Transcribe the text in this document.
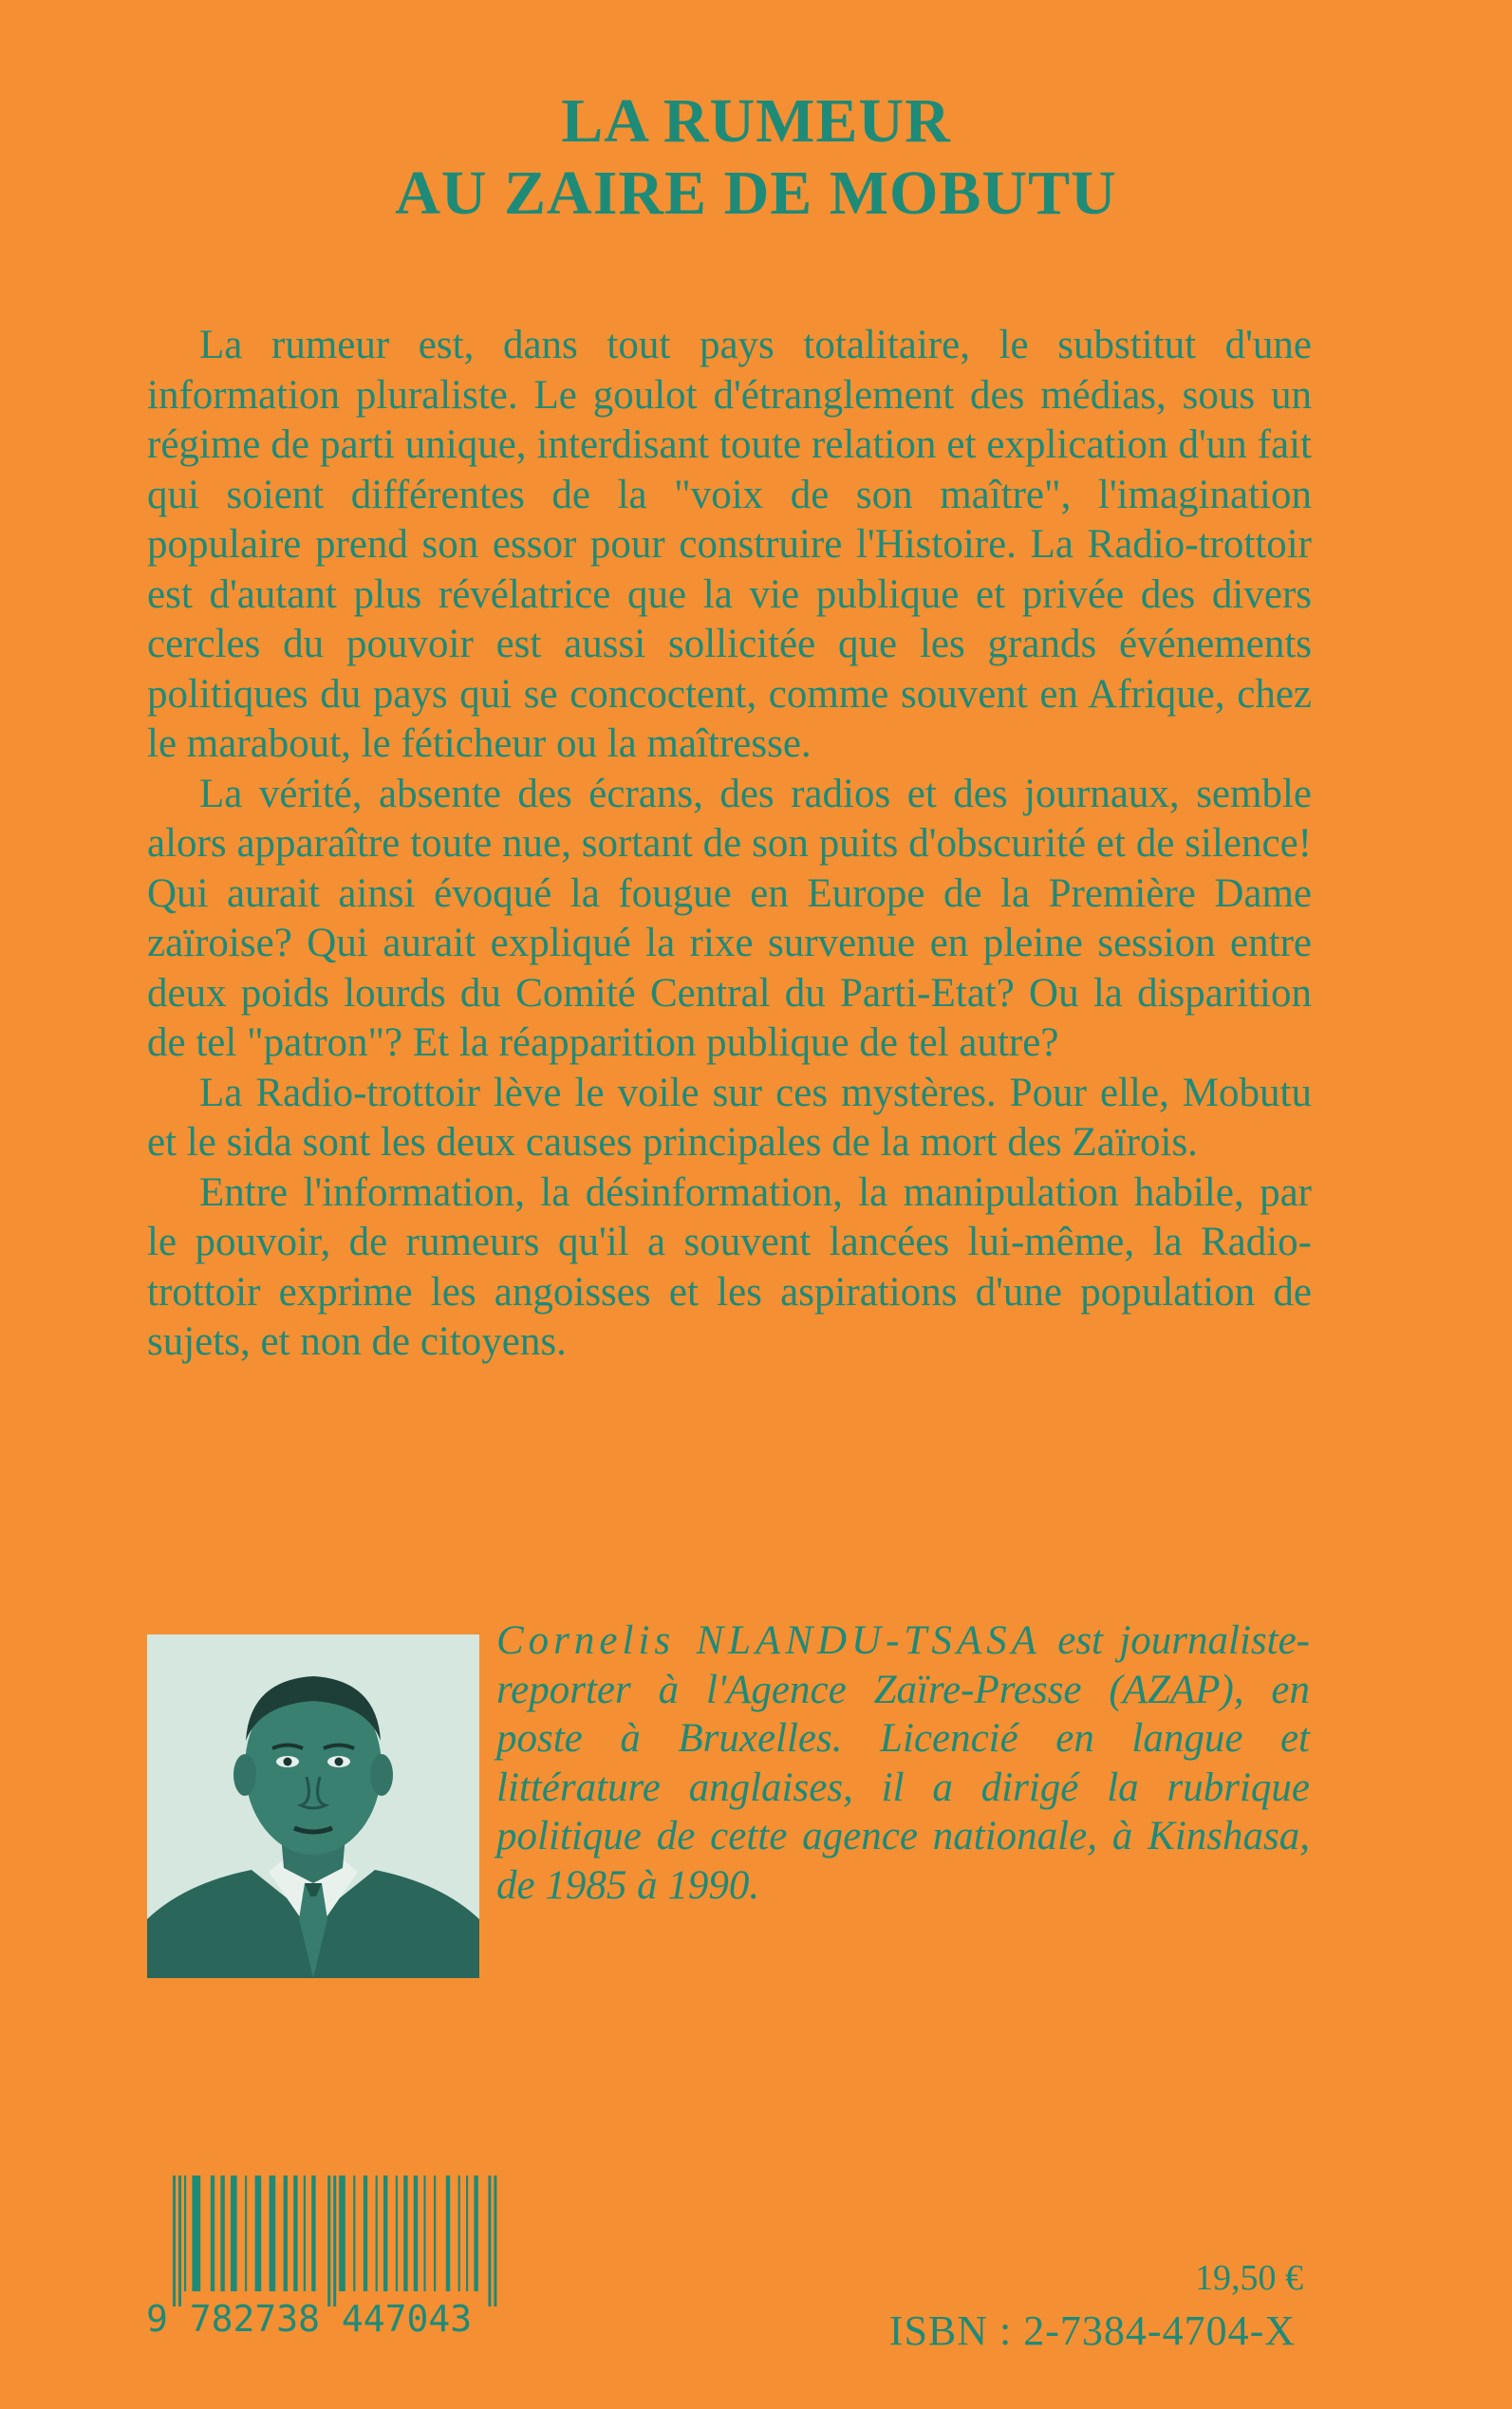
LA RUMEUR
AU ZAIRE DE MOBUTU

La rumeur est, dans tout pays totalitaire, le substitut d'une information pluraliste. Le goulot d'étranglement des médias, sous un régime de parti unique, interdisant toute relation et explication d'un fait qui soient différentes de la "voix de son maître", l'imagination populaire prend son essor pour construire l'Histoire. La Radio-trottoir est d'autant plus révélatrice que la vie publique et privée des divers cercles du pouvoir est aussi sollicitée que les grands événements politiques du pays qui se concoctent, comme souvent en Afrique, chez le marabout, le féticheur ou la maîtresse.

La vérité, absente des écrans, des radios et des journaux, semble alors apparaître toute nue, sortant de son puits d'obscurité et de silence! Qui aurait ainsi évoqué la fougue en Europe de la Première Dame zaïroise? Qui aurait expliqué la rixe survenue en pleine session entre deux poids lourds du Comité Central du Parti-Etat? Ou la disparition de tel "patron"? Et la réapparition publique de tel autre?

La Radio-trottoir lève le voile sur ces mystères. Pour elle, Mobutu et le sida sont les deux causes principales de la mort des Zaïrois.

Entre l'information, la désinformation, la manipulation habile, par le pouvoir, de rumeurs qu'il a souvent lancées lui-même, la Radio-trottoir exprime les angoisses et les aspirations d'une population de sujets, et non de citoyens.

Cornelis NLANDU-TSASA est journaliste-reporter à l'Agence Zaïre-Presse (AZAP), en poste à Bruxelles. Licencié en langue et littérature anglaises, il a dirigé la rubrique politique de cette agence nationale, à Kinshasa, de 1985 à 1990.
9 782738 447043
19,50 €
ISBN : 2-7384-4704-X
